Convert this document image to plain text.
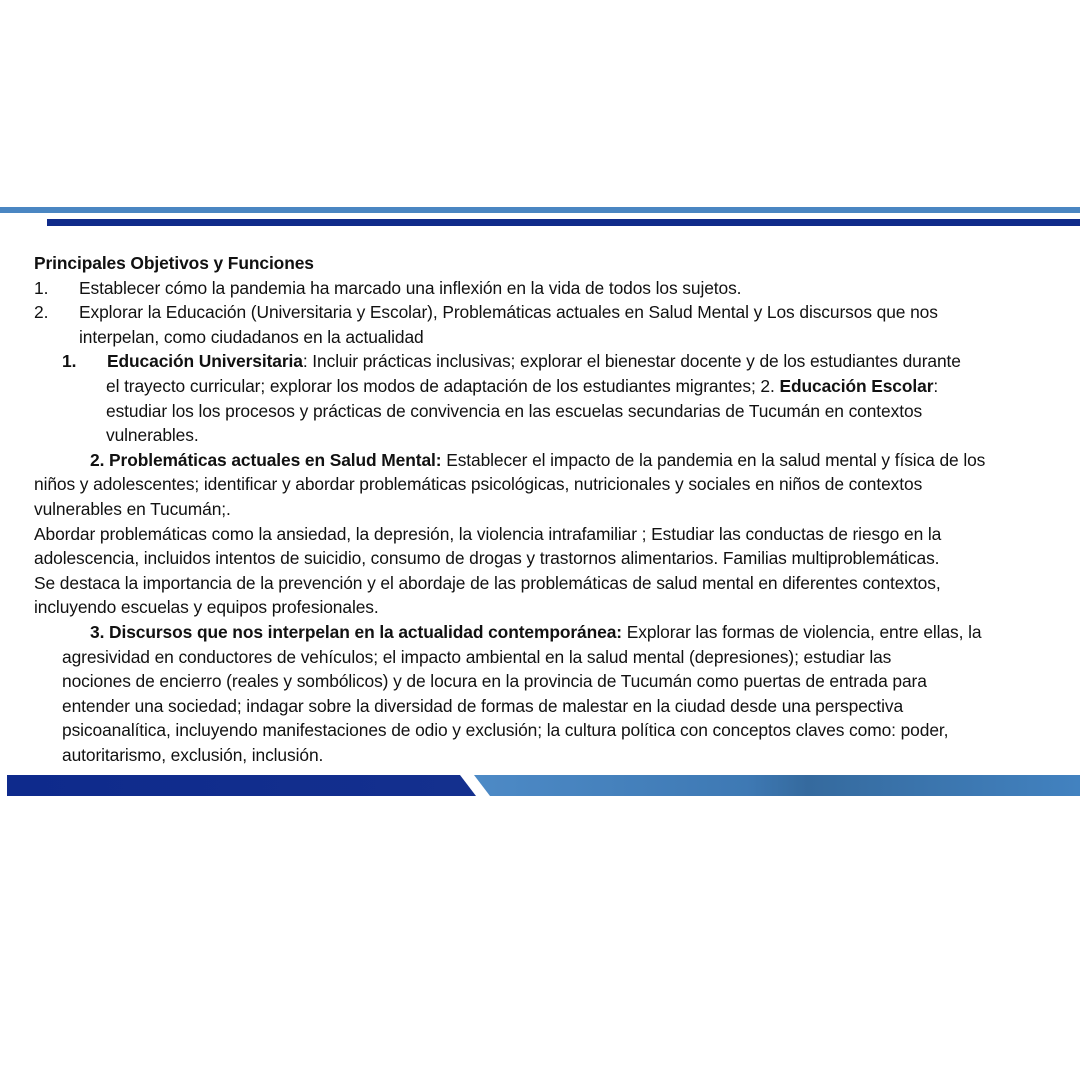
Principales Objetivos y Funciones
1. Establecer cómo la pandemia ha marcado una inflexión en la vida de todos los sujetos.
2. Explorar la Educación (Universitaria y Escolar), Problemáticas actuales en Salud Mental y Los discursos que nos
interpelan, como ciudadanos en la actualidad
1. Educación Universitaria: Incluir prácticas inclusivas; explorar el bienestar docente y de los estudiantes durante
el trayecto curricular; explorar los modos de adaptación de los estudiantes migrantes; 2. Educación Escolar:
estudiar los los procesos y prácticas de convivencia en las escuelas secundarias de Tucumán en contextos
vulnerables.
2. Problemáticas actuales en Salud Mental: Establecer el impacto de la pandemia en la salud mental y física de los
niños y adolescentes; identificar y abordar problemáticas psicológicas, nutricionales y sociales en niños de contextos
vulnerables en Tucumán;.
Abordar problemáticas como la ansiedad, la depresión, la violencia intrafamiliar ; Estudiar las conductas de riesgo en la
adolescencia, incluidos intentos de suicidio, consumo de drogas y trastornos alimentarios. Familias multiproblemáticas.
Se destaca la importancia de la prevención y el abordaje de las problemáticas de salud mental en diferentes contextos,
incluyendo escuelas y equipos profesionales.
3. Discursos que nos interpelan en la actualidad contemporánea: Explorar las formas de violencia, entre ellas, la
agresividad en conductores de vehículos; el impacto ambiental en la salud mental (depresiones); estudiar las
nociones de encierro (reales y sombólicos) y de locura en la provincia de Tucumán como puertas de entrada para
entender una sociedad; indagar sobre la diversidad de formas de malestar en la ciudad desde una perspectiva
psicoanalítica, incluyendo manifestaciones de odio y exclusión; la cultura política con conceptos claves como: poder,
autoritarismo, exclusión, inclusión.
